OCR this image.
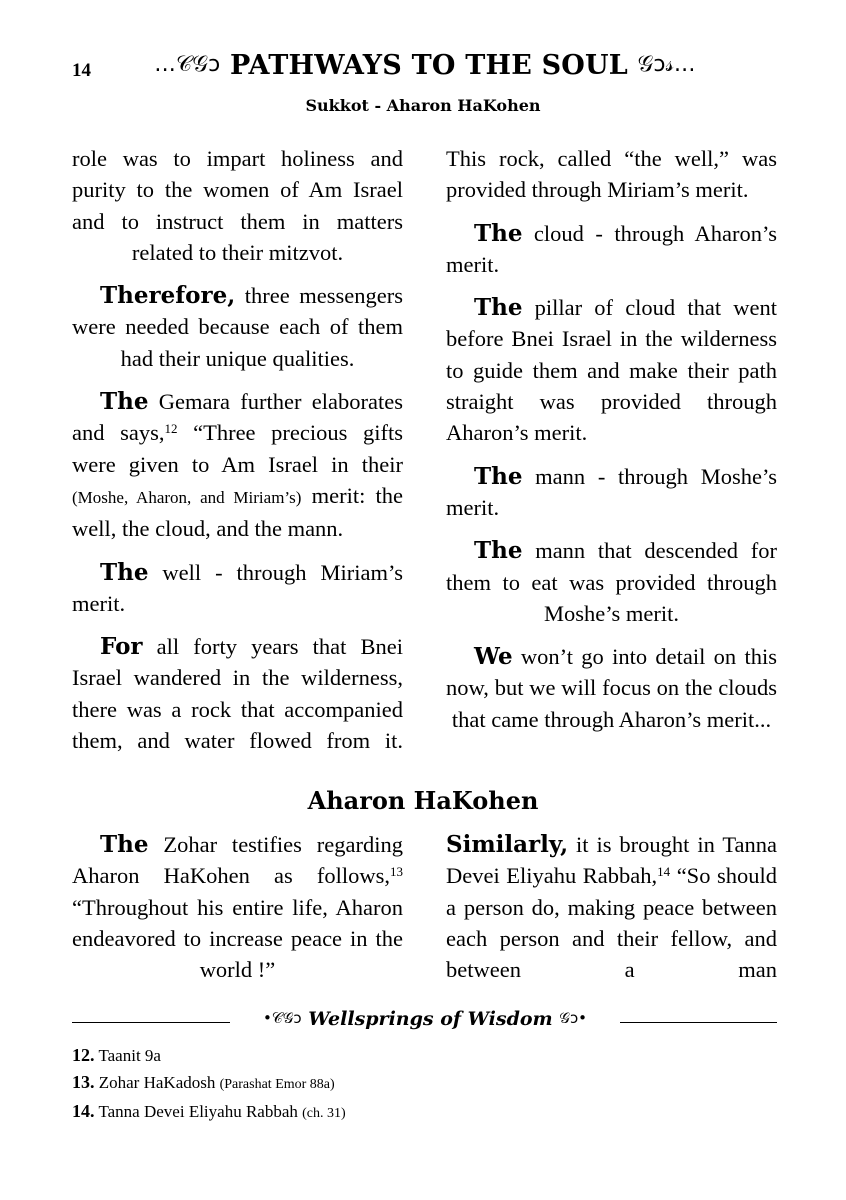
14	...𝒞𝒢ↄ PATHWAYS TO THE SOUL 𝒢ↄ𝓈...
Sukkot - Aharon HaKohen

role was to impart holiness and purity to the women of Am Israel and to instruct them in matters related to their mitzvot.

Therefore, three messengers were needed because each of them had their unique qualities.

The Gemara further elaborates and says,$^{12}$ “Three precious gifts were given to Am Israel in their (Moshe, Aharon, and Miriam’s) merit: the well, the cloud, and the mann.

The well - through Miriam’s merit.

For all forty years that Bnei Israel wandered in the wilderness, there was a rock that accompanied them, and water flowed from it.

This rock, called “the well,” was provided through Miriam’s merit.

The cloud - through Aharon’s merit.

The pillar of cloud that went before Bnei Israel in the wilderness to guide them and make their path straight was provided through Aharon’s merit.

The mann - through Moshe’s merit.

The mann that descended for them to eat was provided through Moshe’s merit.

We won’t go into detail on this now, but we will focus on the clouds that came through Aharon’s merit...

Aharon HaKohen

The Zohar testifies regarding Aharon HaKohen as follows,$^{13}$ “Throughout his entire life, Aharon endeavored to increase peace in the world !”

Similarly, it is brought in Tanna Devei Eliyahu Rabbah,$^{14}$ “So should a person do, making peace between each person and their fellow, and between a man

•𝒞𝒢ↄ Wellsprings of Wisdom 𝒢ↄ•
12. Taanit 9a
13. Zohar HaKadosh (Parashat Emor 88a)
14. Tanna Devei Eliyahu Rabbah (ch. 31)
